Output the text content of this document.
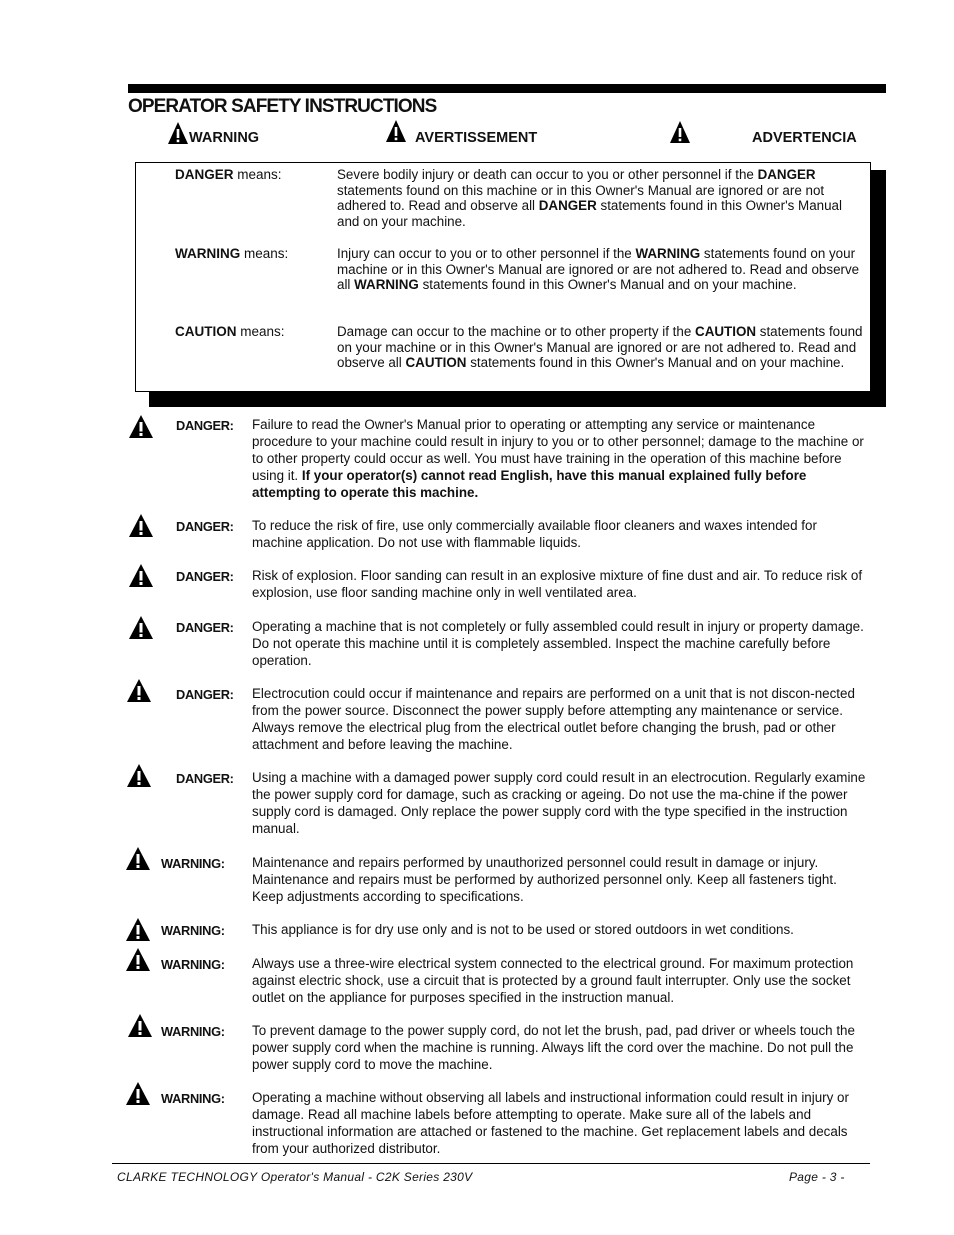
OPERATOR SAFETY INSTRUCTIONS
WARNING	AVERTISSEMENT	ADVERTENCIA
DANGER means:	Severe bodily injury or death can occur to you or other personnel if the DANGER statements found on this machine or in this Owner's Manual are ignored or are not adhered to. Read and observe all DANGER statements found in this Owner's Manual and on your machine.
WARNING means:	Injury can occur to you or to other personnel if the WARNING statements found on your machine or in this Owner's Manual are ignored or are not adhered to. Read and observe all WARNING statements found in this Owner's Manual and on your machine.
CAUTION means:	Damage can occur to the machine or to other property if the CAUTION statements found on your machine or in this Owner's Manual are ignored or are not adhered to. Read and observe all CAUTION statements found in this Owner's Manual and on your machine.
DANGER: Failure to read the Owner's Manual prior to operating or attempting any service or maintenance procedure to your machine could result in injury to you or to other personnel; damage to the machine or to other property could occur as well. You must have training in the operation of this machine before using it. If your operator(s) cannot read English, have this manual explained fully before attempting to operate this machine.
DANGER: To reduce the risk of fire, use only commercially available floor cleaners and waxes intended for machine application. Do not use with flammable liquids.
DANGER: Risk of explosion. Floor sanding can result in an explosive mixture of fine dust and air. To reduce risk of explosion, use floor sanding machine only in well ventilated area.
DANGER: Operating a machine that is not completely or fully assembled could result in injury or property damage. Do not operate this machine until it is completely assembled. Inspect the machine carefully before operation.
DANGER: Electrocution could occur if maintenance and repairs are performed on a unit that is not discon-nected from the power source. Disconnect the power supply before attempting any maintenance or service. Always remove the electrical plug from the electrical outlet before changing the brush, pad or other attachment and before leaving the machine.
DANGER: Using a machine with a damaged power supply cord could result in an electrocution. Regularly examine the power supply cord for damage, such as cracking or ageing. Do not use the ma-chine if the power supply cord is damaged. Only replace the power supply cord with the type specified in the instruction manual.
WARNING: Maintenance and repairs performed by unauthorized personnel could result in damage or injury. Maintenance and repairs must be performed by authorized personnel only. Keep all fasteners tight. Keep adjustments according to specifications.
WARNING: This appliance is for dry use only and is not to be used or stored outdoors in wet conditions.
WARNING: Always use a three-wire electrical system connected to the electrical ground. For maximum protection against electric shock, use a circuit that is protected by a ground fault interrupter. Only use the socket outlet on the appliance for purposes specified in the instruction manual.
WARNING: To prevent damage to the power supply cord, do not let the brush, pad, pad driver or wheels touch the power supply cord when the machine is running. Always lift the cord over the machine. Do not pull the power supply cord to move the machine.
WARNING: Operating a machine without observing all labels and instructional information could result in injury or damage. Read all machine labels before attempting to operate. Make sure all of the labels and instructional information are attached or fastened to the machine. Get replacement labels and decals from your authorized distributor.
CLARKE TECHNOLOGY Operator's Manual - C2K Series 230V	Page - 3 -
